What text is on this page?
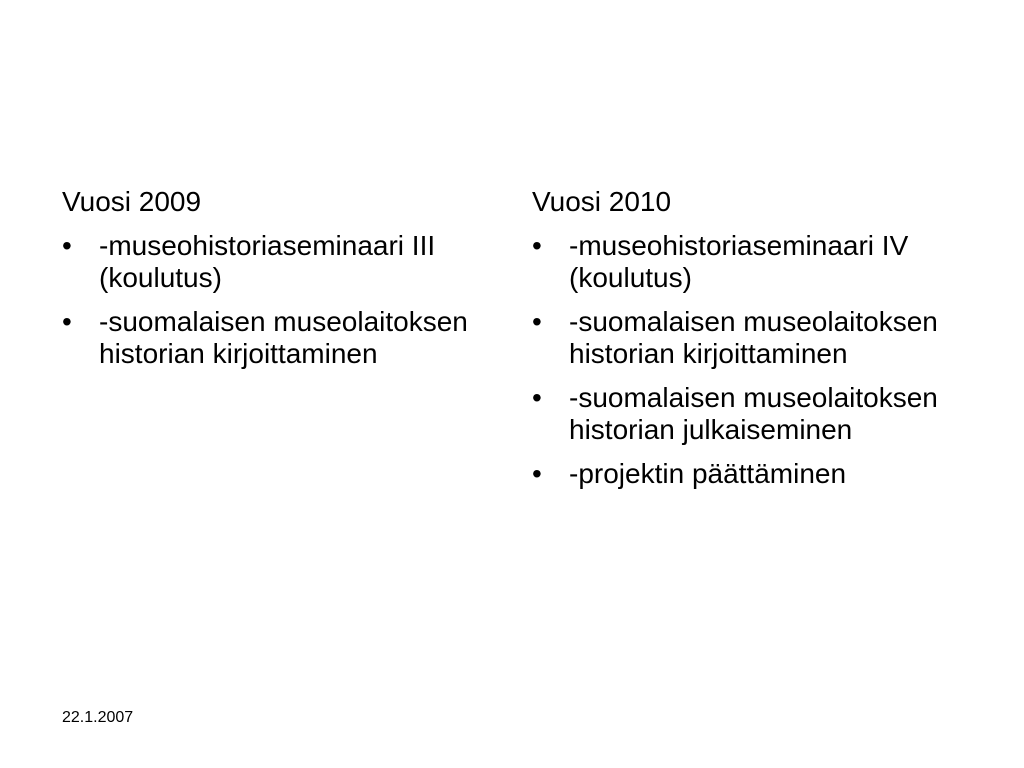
Vuosi 2009

• -museohistoriaseminaari III (koulutus)
• -suomalaisen museolaitoksen historian kirjoittaminen

Vuosi 2010

• -museohistoriaseminaari IV (koulutus)
• -suomalaisen museolaitoksen historian kirjoittaminen
• -suomalaisen museolaitoksen historian julkaiseminen
• -projektin päättäminen
22.1.2007
